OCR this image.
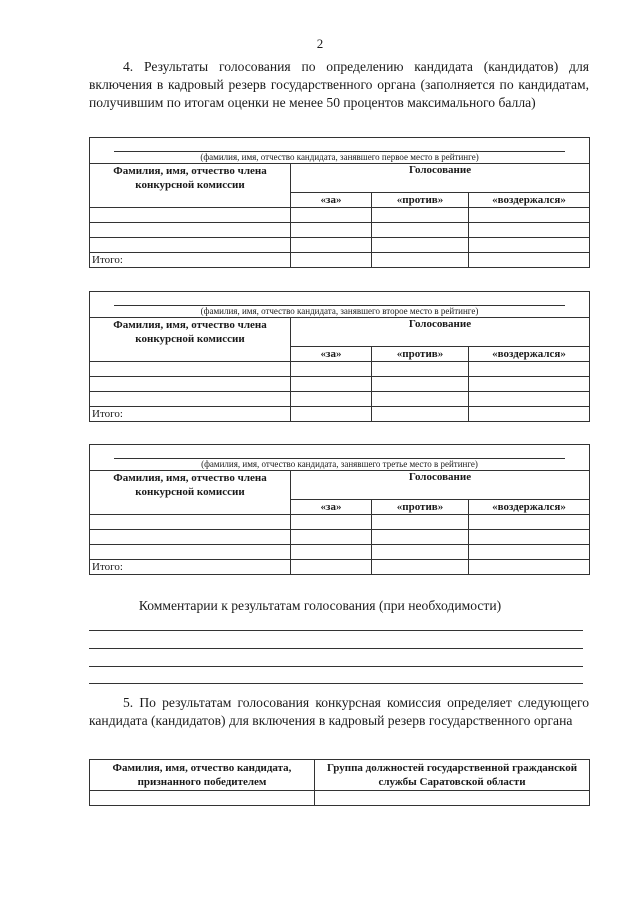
2

4. Результаты голосования по определению кандидата (кандидатов) для включения в кадровый резерв государственного органа (заполняется по кандидатам, получившим по итогам оценки не менее 50 процентов максимального балла)

(фамилия, имя, отчество кандидата, занявшего первое место в рейтинге)			

Фамилия, имя, отчество члена конкурсной комиссии	Голосование		
	«за»	«против»	«воздержался»

Итого:			
(фамилия, имя, отчество кандидата, занявшего второе место в рейтинге)			

Фамилия, имя, отчество члена конкурсной комиссии	Голосование		
	«за»	«против»	«воздержался»

Итого:			
(фамилия, имя, отчество кандидата, занявшего третье место в рейтинге)			

Фамилия, имя, отчество члена конкурсной комиссии	Голосование		
	«за»	«против»	«воздержался»

Итого:			
Комментарии к результатам голосования (при необходимости)

5. По результатам голосования конкурсная комиссия определяет следующего кандидата (кандидатов) для включения в кадровый резерв государственного органа

Фамилия, имя, отчество кандидата, признанного победителем	Группа должностей государственной гражданской службы Саратовской области
